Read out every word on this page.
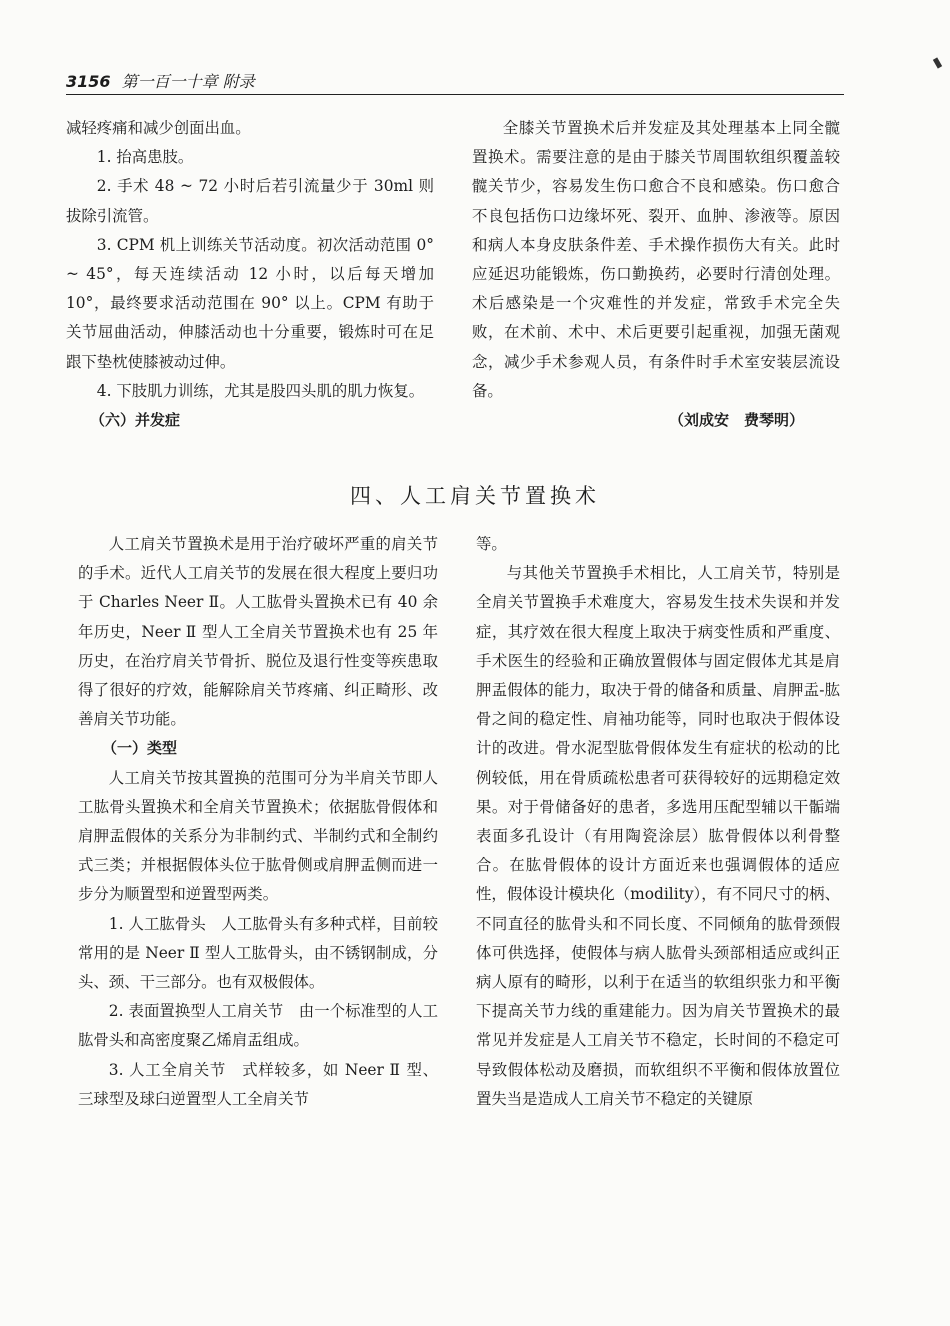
3156 第一百一十章 附录

减轻疼痛和减少创面出血。

1. 抬高患肢。

2. 手术 48 ~ 72 小时后若引流量少于 30ml 则拔除引流管。

3. CPM 机上训练关节活动度。初次活动范围 0° ~ 45°，每天连续活动 12 小时，以后每天增加 10°，最终要求活动范围在 90° 以上。CPM 有助于关节屈曲活动，伸膝活动也十分重要，锻炼时可在足跟下垫枕使膝被动过伸。

4. 下肢肌力训练，尤其是股四头肌的肌力恢复。

（六）并发症

全膝关节置换术后并发症及其处理基本上同全髋置换术。需要注意的是由于膝关节周围软组织覆盖较髋关节少，容易发生伤口愈合不良和感染。伤口愈合不良包括伤口边缘坏死、裂开、血肿、渗液等。原因和病人本身皮肤条件差、手术操作损伤大有关。此时应延迟功能锻炼，伤口勤换药，必要时行清创处理。术后感染是一个灾难性的并发症，常致手术完全失败，在术前、术中、术后更要引起重视，加强无菌观念，减少手术参观人员，有条件时手术室安装层流设备。

（刘成安　费琴明）

四、人工肩关节置换术

人工肩关节置换术是用于治疗破坏严重的肩关节的手术。近代人工肩关节的发展在很大程度上要归功于 Charles Neer Ⅱ。人工肱骨头置换术已有 40 余年历史，Neer Ⅱ 型人工全肩关节置换术也有 25 年历史，在治疗肩关节骨折、脱位及退行性变等疾患取得了很好的疗效，能解除肩关节疼痛、纠正畸形、改善肩关节功能。

（一）类型

人工肩关节按其置换的范围可分为半肩关节即人工肱骨头置换术和全肩关节置换术；依据肱骨假体和肩胛盂假体的关系分为非制约式、半制约式和全制约式三类；并根据假体头位于肱骨侧或肩胛盂侧而进一步分为顺置型和逆置型两类。

1. 人工肱骨头　人工肱骨头有多种式样，目前较常用的是 Neer Ⅱ 型人工肱骨头，由不锈钢制成，分头、颈、干三部分。也有双极假体。

2. 表面置换型人工肩关节　由一个标准型的人工肱骨头和高密度聚乙烯肩盂组成。

3. 人工全肩关节　式样较多，如 Neer Ⅱ 型、三球型及球臼逆置型人工全肩关节

等。

与其他关节置换手术相比，人工肩关节，特别是全肩关节置换手术难度大，容易发生技术失误和并发症，其疗效在很大程度上取决于病变性质和严重度、手术医生的经验和正确放置假体与固定假体尤其是肩胛盂假体的能力，取决于骨的储备和质量、肩胛盂-肱骨之间的稳定性、肩袖功能等，同时也取决于假体设计的改进。骨水泥型肱骨假体发生有症状的松动的比例较低，用在骨质疏松患者可获得较好的远期稳定效果。对于骨储备好的患者，多选用压配型辅以干骺端表面多孔设计（有用陶瓷涂层）肱骨假体以利骨整合。在肱骨假体的设计方面近来也强调假体的适应性，假体设计模块化（modility），有不同尺寸的柄、不同直径的肱骨头和不同长度、不同倾角的肱骨颈假体可供选择，使假体与病人肱骨头颈部相适应或纠正病人原有的畸形，以利于在适当的软组织张力和平衡下提高关节力线的重建能力。因为肩关节置换术的最常见并发症是人工肩关节不稳定，长时间的不稳定可导致假体松动及磨损，而软组织不平衡和假体放置位置失当是造成人工肩关节不稳定的关键原
